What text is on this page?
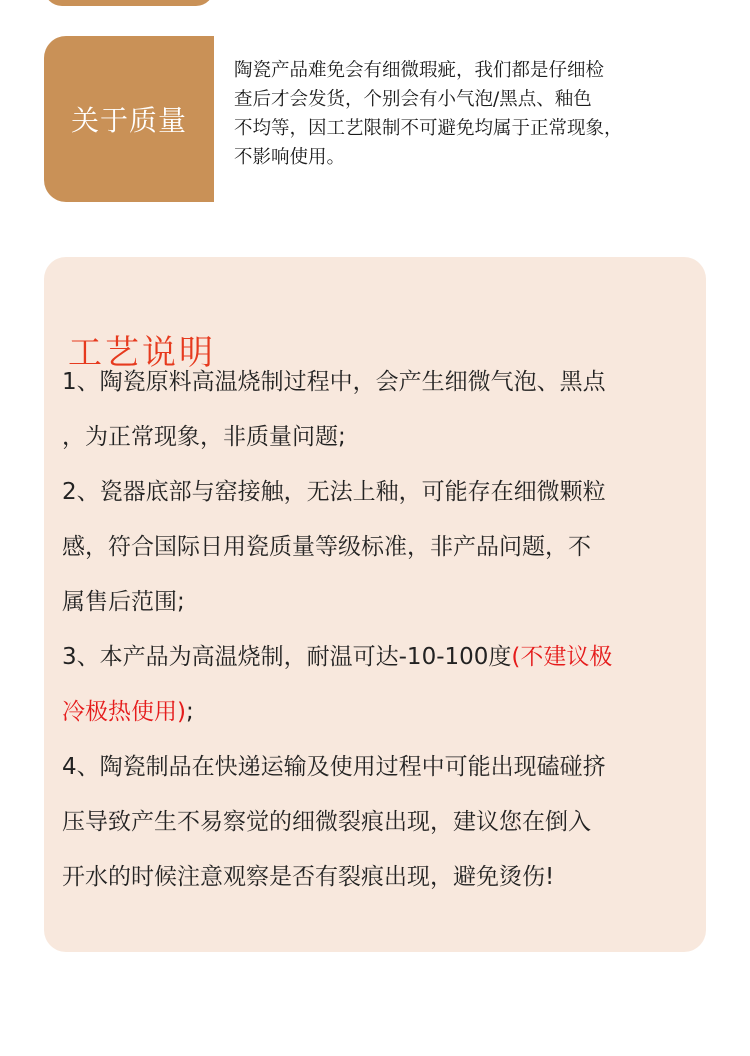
关于质量

陶瓷产品难免会有细微瑕疵，我们都是仔细检

查后才会发货，个别会有小气泡/黑点、釉色

不均等，因工艺限制不可避免均属于正常现象，

不影响使用。

工艺说明

1、陶瓷原料高温烧制过程中，会产生细微气泡、黑点

，为正常现象，非质量问题;

2、瓷器底部与窑接触，无法上釉，可能存在细微颗粒

感，符合国际日用瓷质量等级标准，非产品问题，不

属售后范围;

3、本产品为高温烧制，耐温可达-10-100度(不建议极

冷极热使用);

4、陶瓷制品在快递运输及使用过程中可能出现磕碰挤

压导致产生不易察觉的细微裂痕出现，建议您在倒入

开水的时候注意观察是否有裂痕出现，避免烫伤!
